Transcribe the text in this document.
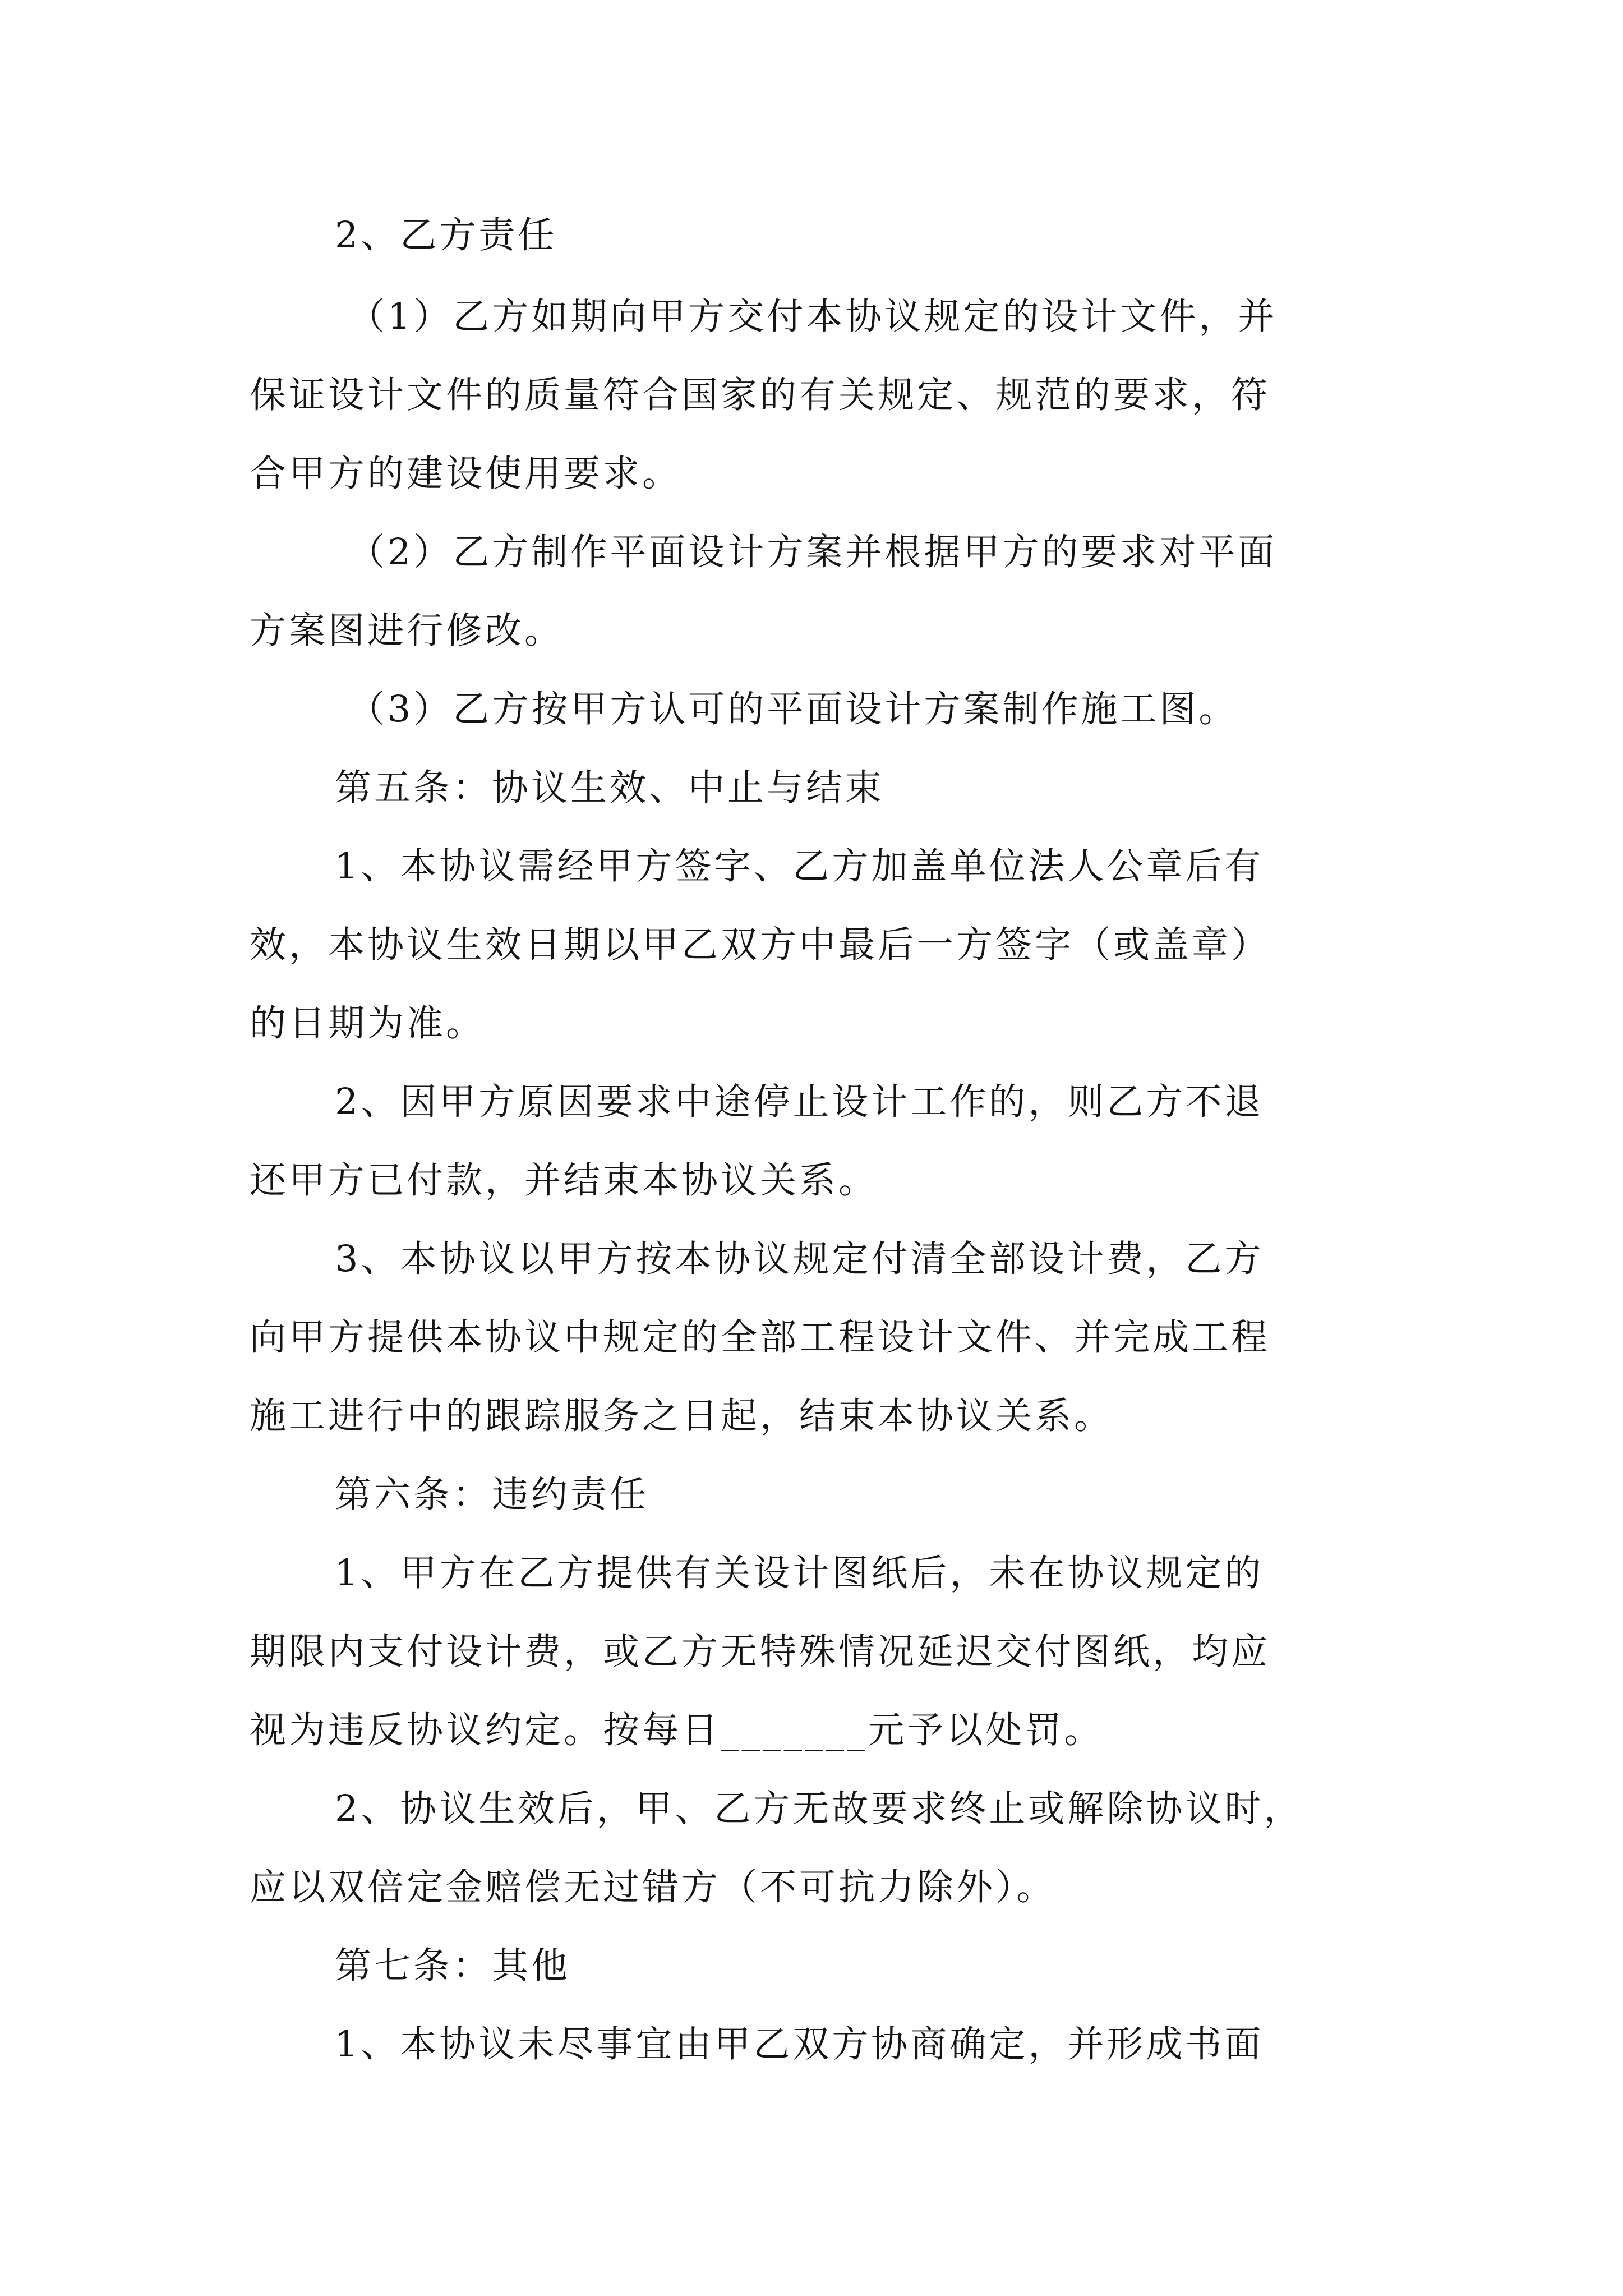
2、乙方责任
（1）乙方如期向甲方交付本协议规定的设计文件，并
保证设计文件的质量符合国家的有关规定、规范的要求，符
合甲方的建设使用要求。
（2）乙方制作平面设计方案并根据甲方的要求对平面
方案图进行修改。
（3）乙方按甲方认可的平面设计方案制作施工图。
第五条：协议生效、中止与结束
1、本协议需经甲方签字、乙方加盖单位法人公章后有
效，本协议生效日期以甲乙双方中最后一方签字（或盖章）
的日期为准。
2、因甲方原因要求中途停止设计工作的，则乙方不退
还甲方已付款，并结束本协议关系。
3、本协议以甲方按本协议规定付清全部设计费，乙方
向甲方提供本协议中规定的全部工程设计文件、并完成工程
施工进行中的跟踪服务之日起，结束本协议关系。
第六条：违约责任
1、甲方在乙方提供有关设计图纸后，未在协议规定的
期限内支付设计费，或乙方无特殊情况延迟交付图纸，均应
视为违反协议约定。按每日_______元予以处罚。
2、协议生效后，甲、乙方无故要求终止或解除协议时，
应以双倍定金赔偿无过错方（不可抗力除外）。
第七条：其他
1、本协议未尽事宜由甲乙双方协商确定，并形成书面
